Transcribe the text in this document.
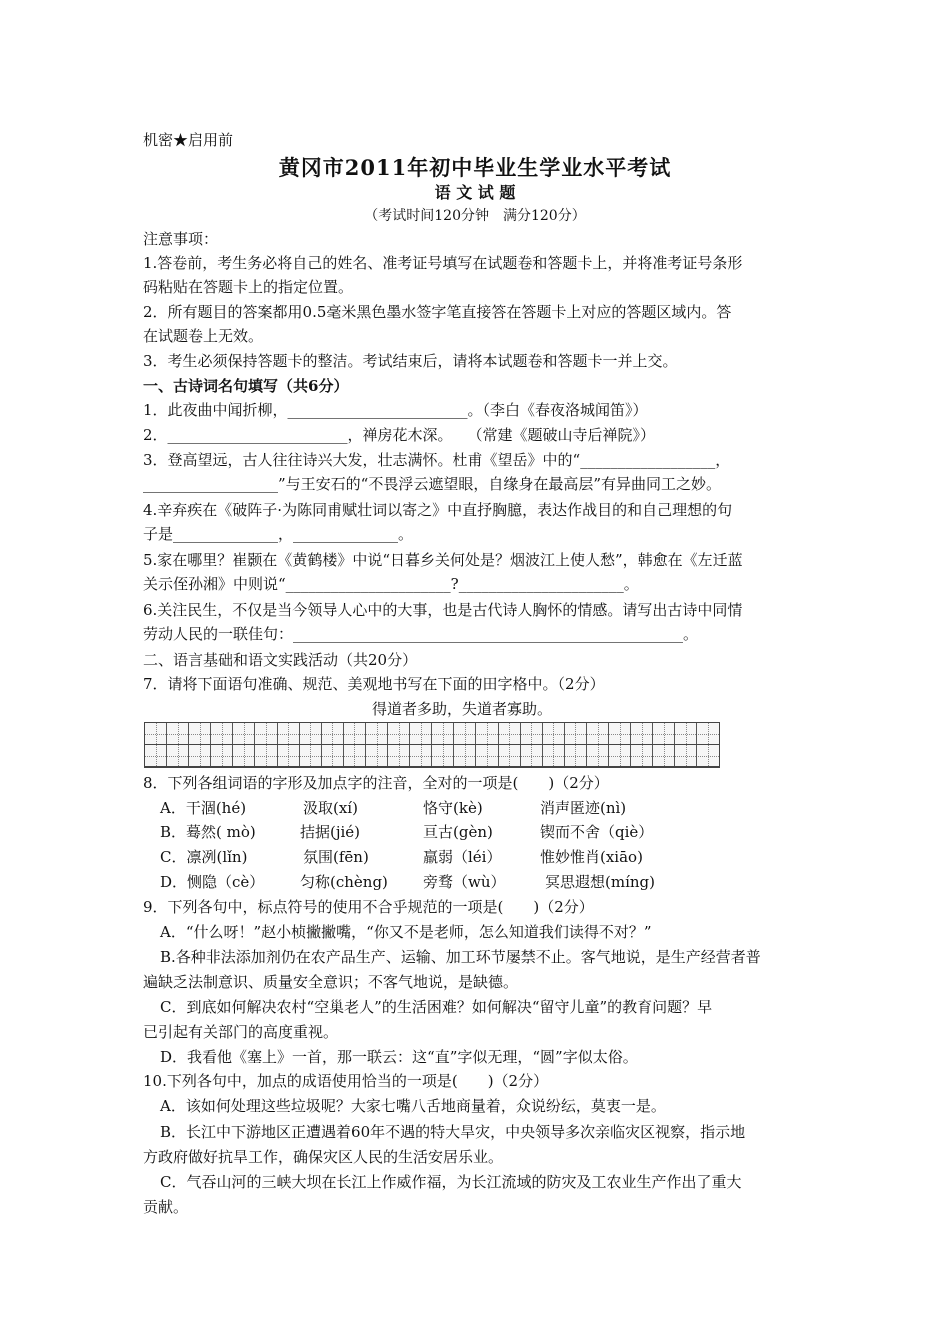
机密★启用前
黄冈市2011年初中毕业生学业水平考试
语 文 试 题
（考试时间120分钟　满分120分）
注意事项：
1.答卷前，考生务必将自己的姓名、准考证号填写在试题卷和答题卡上，并将准考证号条形
码粘贴在答题卡上的指定位置。
2．所有题目的答案都用0.5毫米黑色墨水签字笔直接答在答题卡上对应的答题区域内。答
在试题卷上无效。
3．考生必须保持答题卡的整洁。考试结束后，请将本试题卷和答题卡一并上交。
一、古诗词名句填写（共6分）
1．此夜曲中闻折柳，________________________。（李白《春夜洛城闻笛》）
2．________________________，禅房花木深。　　（常建《题破山寺后禅院》）
3．登高望远，古人往往诗兴大发，壮志满怀。杜甫《望岳》中的“__________________，
__________________”与王安石的“不畏浮云遮望眼，自缘身在最高层”有异曲同工之妙。
4.辛弃疾在《破阵子·为陈同甫赋壮词以寄之》中直抒胸臆，表达作战目的和自己理想的句
子是______________，______________。
5.家在哪里？崔颢在《黄鹤楼》中说“日暮乡关何处是？烟波江上使人愁”，韩愈在《左迁蓝
关示侄孙湘》中则说“______________________?______________________。
6.关注民生，不仅是当今领导人心中的大事，也是古代诗人胸怀的情感。请写出古诗中同情
劳动人民的一联佳句：____________________________________________________。
二、语言基础和语文实践活动（共20分）
7．请将下面语句准确、规范、美观地书写在下面的田字格中。（2分）
得道者多助，失道者寡助。
8．下列各组词语的字形及加点字的注音，全对的一项是(　　)（2分）
A．干涸(hé)	汲取(xí)	恪守(kè)	消声匿迹(nì)
B．蓦然( mò)	拮据(jié)	亘古(gèn)	锲而不舍（qiè）
C．凛冽(lǐn)	氛围(fēn)	羸弱（léi）	惟妙惟肖(xiāo)
D．恻隐（cè） 匀称(chèng) 旁骛（wù）	冥思遐想(míng)
9．下列各句中，标点符号的使用不合乎规范的一项是(　　)（2分）
A．“什么呀！”赵小桢撇撇嘴，“你又不是老师，怎么知道我们读得不对？”
B.各种非法添加剂仍在农产品生产、运输、加工环节屡禁不止。客气地说，是生产经营者普
遍缺乏法制意识、质量安全意识；不客气地说，是缺德。
C．到底如何解决农村“空巢老人”的生活困难？如何解决“留守儿童”的教育问题？早
已引起有关部门的高度重视。
D．我看他《塞上》一首，那一联云：这“直”字似无理，“圆”字似太俗。
10.下列各句中，加点的成语使用恰当的一项是(　　)（2分）
A．该如何处理这些垃圾呢？大家七嘴八舌地商量着，众说纷纭，莫衷一是。
B．长江中下游地区正遭遇着60年不遇的特大旱灾，中央领导多次亲临灾区视察，指示地
方政府做好抗旱工作，确保灾区人民的生活安居乐业。
C．气吞山河的三峡大坝在长江上作威作福，为长江流域的防灾及工农业生产作出了重大
贡献。
